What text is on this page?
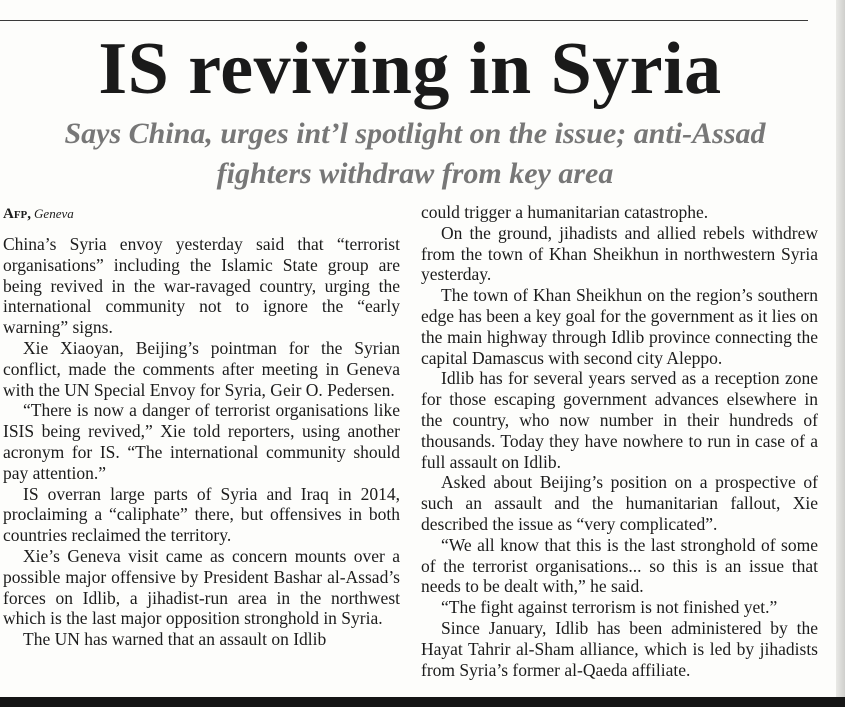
IS reviving in Syria
Says China, urges int’l spotlight on the issue; anti-Assad fighters withdraw from key area
Afp, Geneva

China’s Syria envoy yesterday said that “terrorist organisations” including the Islamic State group are being revived in the war-ravaged country, urging the international community not to ignore the “early warning” signs.

Xie Xiaoyan, Beijing’s pointman for the Syrian conflict, made the comments after meeting in Geneva with the UN Special Envoy for Syria, Geir O. Pedersen.

“There is now a danger of terrorist organisations like ISIS being revived,” Xie told reporters, using another acronym for IS. “The international community should pay attention.”

IS overran large parts of Syria and Iraq in 2014, proclaiming a “caliphate” there, but offensives in both countries reclaimed the territory.

Xie’s Geneva visit came as concern mounts over a possible major offensive by President Bashar al-Assad’s forces on Idlib, a jihadist-run area in the northwest which is the last major opposition stronghold in Syria.

The UN has warned that an assault on Idlib

could trigger a humanitarian catastrophe.

On the ground, jihadists and allied rebels withdrew from the town of Khan Sheikhun in northwestern Syria yesterday.

The town of Khan Sheikhun on the region’s southern edge has been a key goal for the government as it lies on the main highway through Idlib province connecting the capital Damascus with second city Aleppo.

Idlib has for several years served as a reception zone for those escaping government advances elsewhere in the country, who now number in their hundreds of thousands. Today they have nowhere to run in case of a full assault on Idlib.

Asked about Beijing’s position on a prospective of such an assault and the humanitarian fallout, Xie described the issue as “very complicated”.

“We all know that this is the last stronghold of some of the terrorist organisations... so this is an issue that needs to be dealt with,” he said.

“The fight against terrorism is not finished yet.”

Since January, Idlib has been administered by the Hayat Tahrir al-Sham alliance, which is led by jihadists from Syria’s former al-Qaeda affiliate.
